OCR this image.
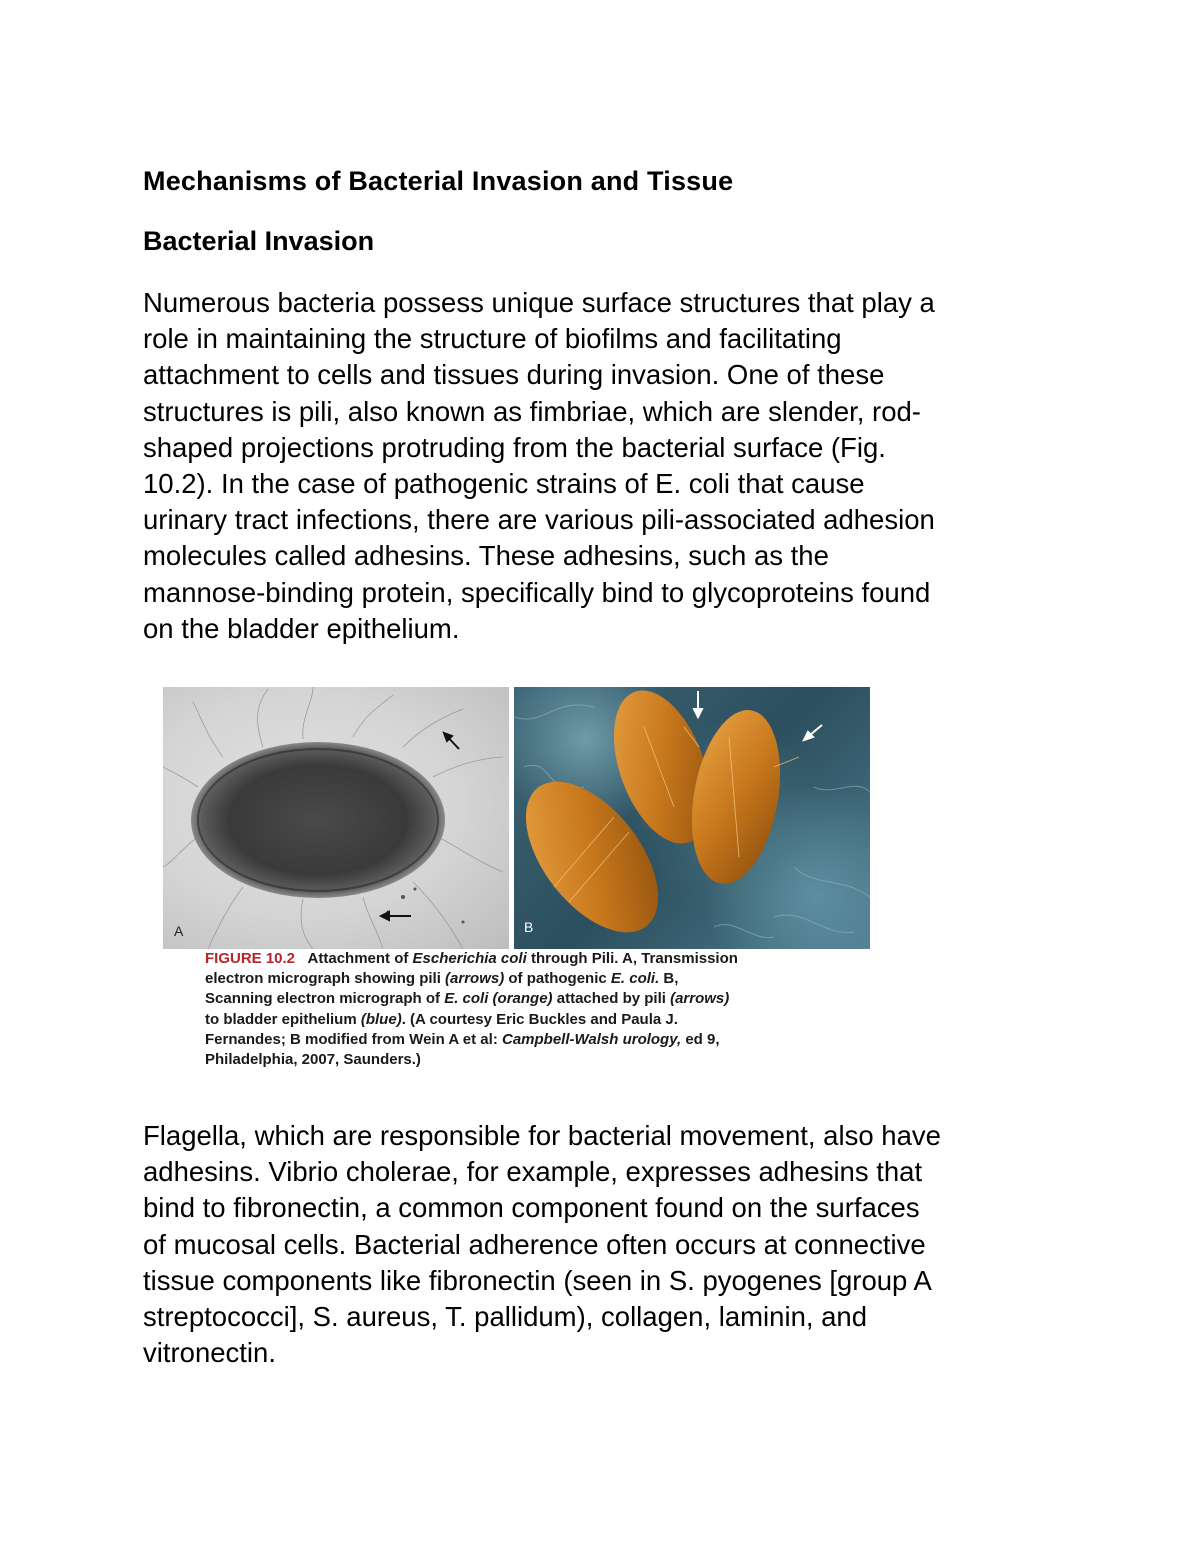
Mechanisms of Bacterial Invasion and Tissue
Bacterial Invasion
Numerous bacteria possess unique surface structures that play a
role in maintaining the structure of biofilms and facilitating
attachment to cells and tissues during invasion. One of these
structures is pili, also known as fimbriae, which are slender, rod-
shaped projections protruding from the bacterial surface (Fig.
10.2). In the case of pathogenic strains of E. coli that cause
urinary tract infections, there are various pili-associated adhesion
molecules called adhesins. These adhesins, such as the
mannose-binding protein, specifically bind to glycoproteins found
on the bladder epithelium.
A	B
FIGURE 10.2 Attachment of Escherichia coli through Pili. A, Transmission
electron micrograph showing pili (arrows) of pathogenic E. coli. B,
Scanning electron micrograph of E. coli (orange) attached by pili (arrows)
to bladder epithelium (blue). (A courtesy Eric Buckles and Paula J.
Fernandes; B modified from Wein A et al: Campbell-Walsh urology, ed 9,
Philadelphia, 2007, Saunders.)
Flagella, which are responsible for bacterial movement, also have
adhesins. Vibrio cholerae, for example, expresses adhesins that
bind to fibronectin, a common component found on the surfaces
of mucosal cells. Bacterial adherence often occurs at connective
tissue components like fibronectin (seen in S. pyogenes [group A
streptococci], S. aureus, T. pallidum), collagen, laminin, and
vitronectin.
